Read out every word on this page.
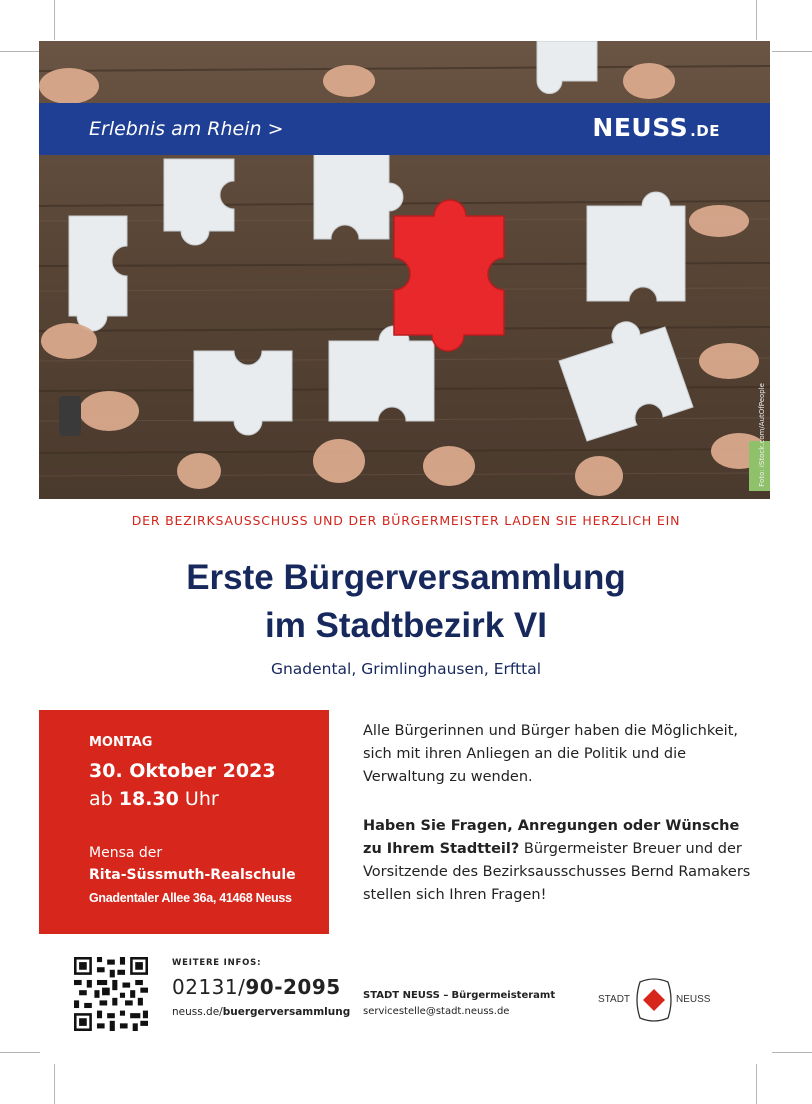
Erlebnis am Rhein >	NEUSS .DE
Foto: iStock.com/AutOfPeople
DER BEZIRKSAUSSCHUSS UND DER BÜRGERMEISTER LADEN SIE HERZLICH EIN
Erste Bürgerversammlung
im Stadtbezirk VI
Gnadental, Grimlinghausen, Erfttal
MONTAG
30. Oktober 2023
ab 18.30 Uhr
Mensa der
Rita-Süssmuth-Realschule
Gnadentaler Allee 36a, 41468 Neuss
Alle Bürgerinnen und Bürger haben die Möglichkeit, sich mit ihren Anliegen an die Politik und die Verwaltung zu wenden.
Haben Sie Fragen, Anregungen oder Wünsche zu Ihrem Stadtteil? Bürgermeister Breuer und der Vorsitzende des Bezirksausschusses Bernd Ramakers stellen sich Ihren Fragen!
WEITERE INFOS:
02131/90-2095
neuss.de/buergerversammlung
STADT NEUSS – Bürgermeisteramt
servicestelle@stadt.neuss.de
STADT	NEUSS
